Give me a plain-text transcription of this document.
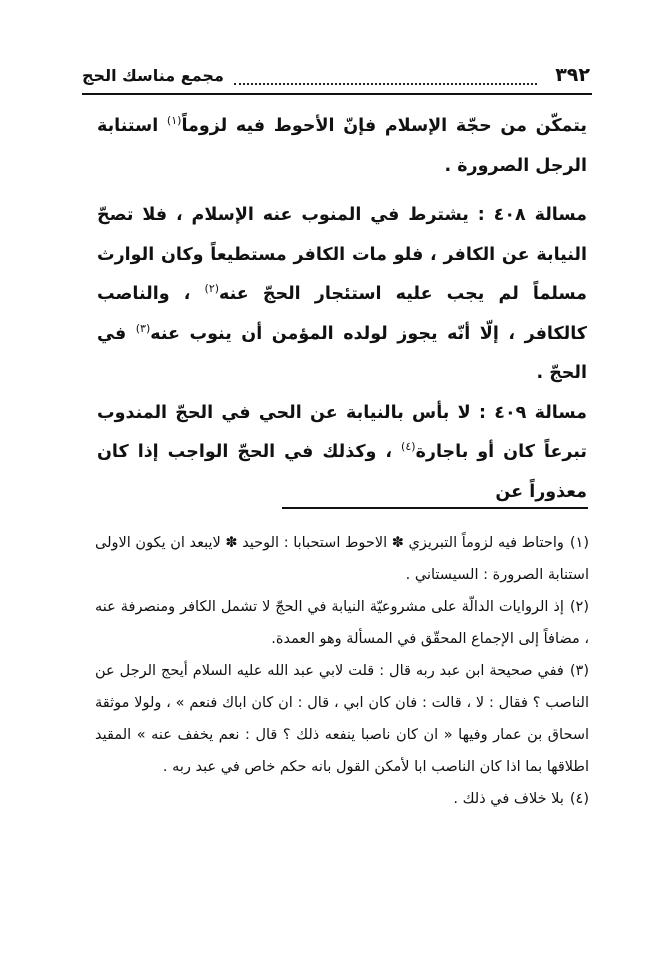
٣٩٢
مجمع مناسك الحج

يتمكّن من حجّة الإسلام فإنّ الأحوط فيه لزوماً$^{(١)}$ استنابة الرجل الصرورة .

مسالة ٤٠٨ : يشترط في المنوب عنه الإسلام ، فلا تصحّ النيابة عن الكافر ، فلو مات الكافر مستطيعاً وكان الوارث مسلماً لم يجب عليه استئجار الحجّ عنه$^{(٢)}$ ، والناصب كالكافر ، إلّا أنّه يجوز لولده المؤمن أن ينوب عنه$^{(٣)}$ في الحجّ .

مسالة ٤٠٩ : لا بأس بالنيابة عن الحي في الحجّ المندوب تبرعاً كان أو باجارة$^{(٤)}$ ، وكذلك في الحجّ الواجب إذا كان معذوراً عن

(١)واحتاط فيه لزوماً التبريزي ✽ الاحوط استحبابا : الوحيد ✽ لايبعد ان يكون الاولى استنابة الصرورة : السيستاني .

(٢)إذ الروايات الدالّة على مشروعيّة النيابة في الحجّ لا تشمل الكافر ومنصرفة عنه ، مضافاً إلى الإجماع المحقّق في المسألة وهو العمدة.

(٣)ففي صحيحة ابن عبد ربه قال : قلت لابي عبد الله عليه السلام أيحج الرجل عن الناصب ؟ فقال : لا ، قالت : فان كان ابي ، قال : ان كان اباك فنعم » ، ولولا موثقة اسحاق بن عمار وفيها « ان كان ناصبا ينفعه ذلك ؟ قال : نعم يخفف عنه » المقيد اطلاقها بما اذا كان الناصب ابا لأمكن القول بانه حكم خاص في عبد ربه .

(٤)بلا خلاف في ذلك .
